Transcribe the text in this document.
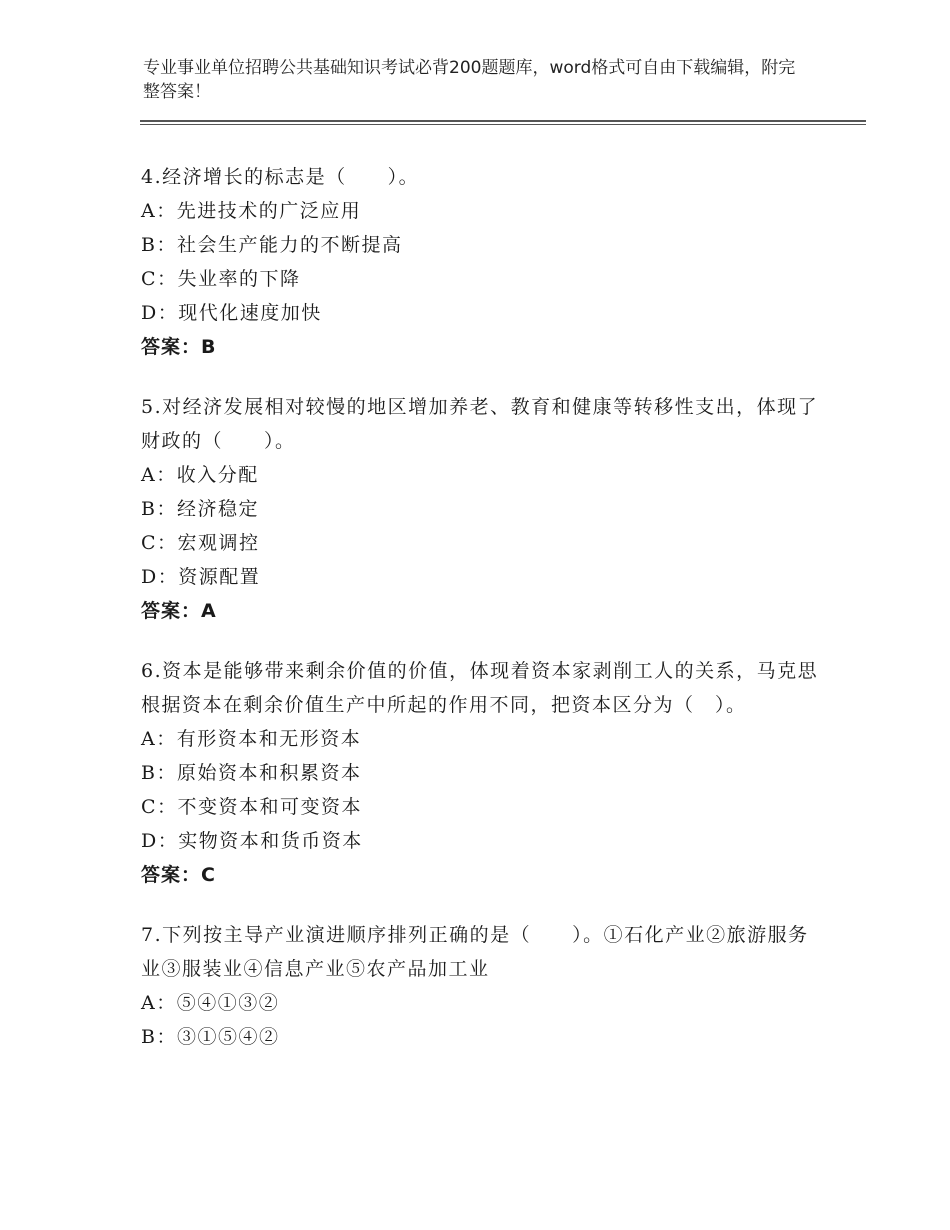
专业事业单位招聘公共基础知识考试必背200题题库，word格式可自由下载编辑，附完整答案！
4.经济增长的标志是（　　）。
A：先进技术的广泛应用
B：社会生产能力的不断提高
C：失业率的下降
D：现代化速度加快
答案：B
5.对经济发展相对较慢的地区增加养老、教育和健康等转移性支出，体现了财政的（　　）。
A：收入分配
B：经济稳定
C：宏观调控
D：资源配置
答案：A
6.资本是能够带来剩余价值的价值，体现着资本家剥削工人的关系，马克思根据资本在剩余价值生产中所起的作用不同，把资本区分为（　）。
A：有形资本和无形资本
B：原始资本和积累资本
C：不变资本和可变资本
D：实物资本和货币资本
答案：C
7.下列按主导产业演进顺序排列正确的是（　　）。①石化产业②旅游服务业③服装业④信息产业⑤农产品加工业
A：⑤④①③②
B：③①⑤④②
